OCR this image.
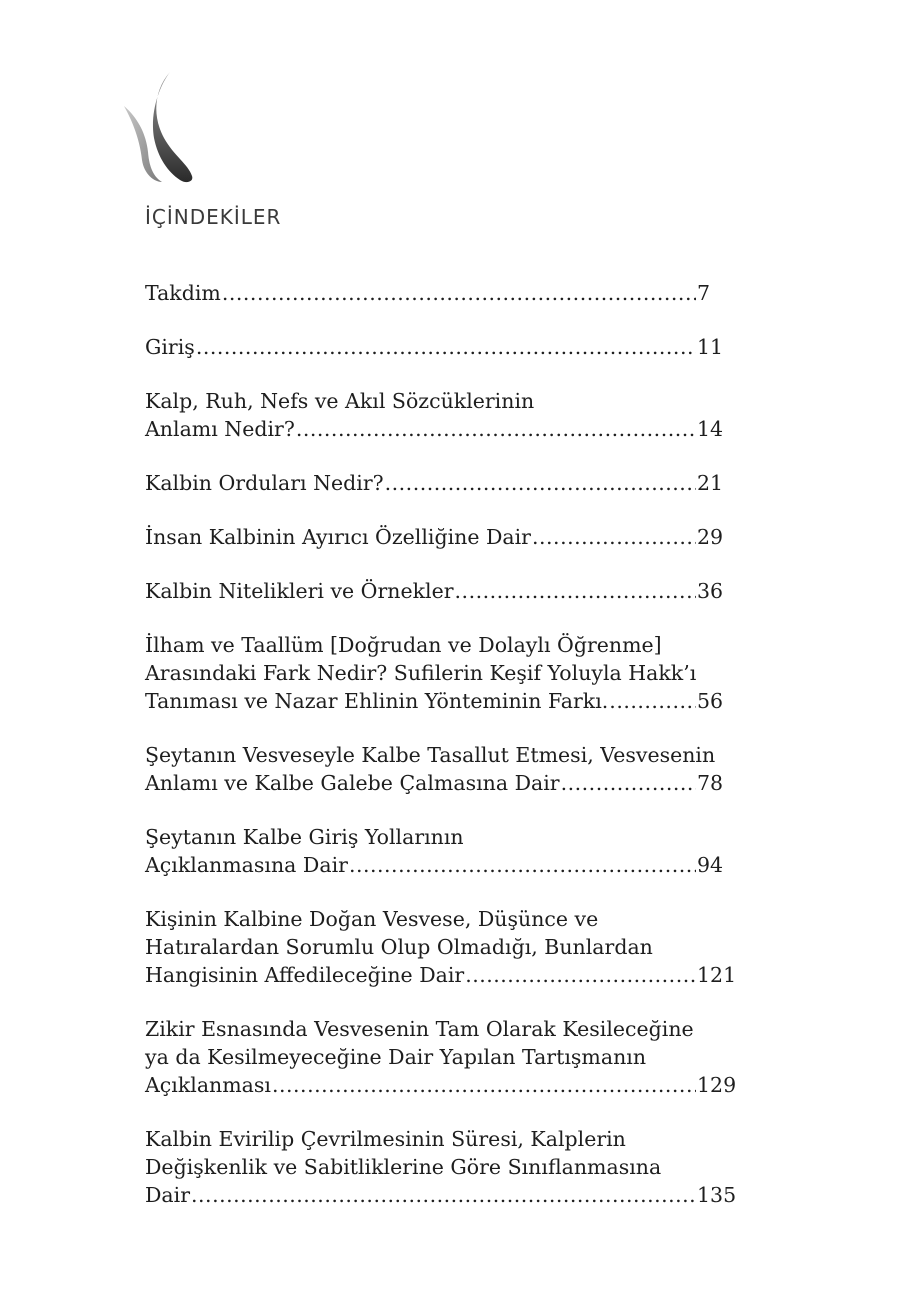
İÇİNDEKİLER
Takdim .....	7
Giriş .....	11
Kalp, Ruh, Nefs ve Akıl Sözcüklerinin
Anlamı Nedir? .....	14
Kalbin Orduları Nedir? .....	21
İnsan Kalbinin Ayırıcı Özelliğine Dair .....	29
Kalbin Nitelikleri ve Örnekler .....	36
İlham ve Taallüm [Doğrudan ve Dolaylı Öğrenme]
Arasındaki Fark Nedir? Sufilerin Keşif Yoluyla Hakk’ı
Tanıması ve Nazar Ehlinin Yönteminin Farkı. .....	56
Şeytanın Vesveseyle Kalbe Tasallut Etmesi, Vesvesenin
Anlamı ve Kalbe Galebe Çalmasına Dair .....	78
Şeytanın Kalbe Giriş Yollarının
Açıklanmasına Dair .....	94
Kişinin Kalbine Doğan Vesvese, Düşünce ve
Hatıralardan Sorumlu Olup Olmadığı, Bunlardan
Hangisinin Affedileceğine Dair .....	121
Zikir Esnasında Vesvesenin Tam Olarak Kesileceğine
ya da Kesilmeyeceğine Dair Yapılan Tartışmanın
Açıklanması .....	129
Kalbin Evirilip Çevrilmesinin Süresi, Kalplerin
Değişkenlik ve Sabitliklerine Göre Sınıflanmasına
Dair .....	135
